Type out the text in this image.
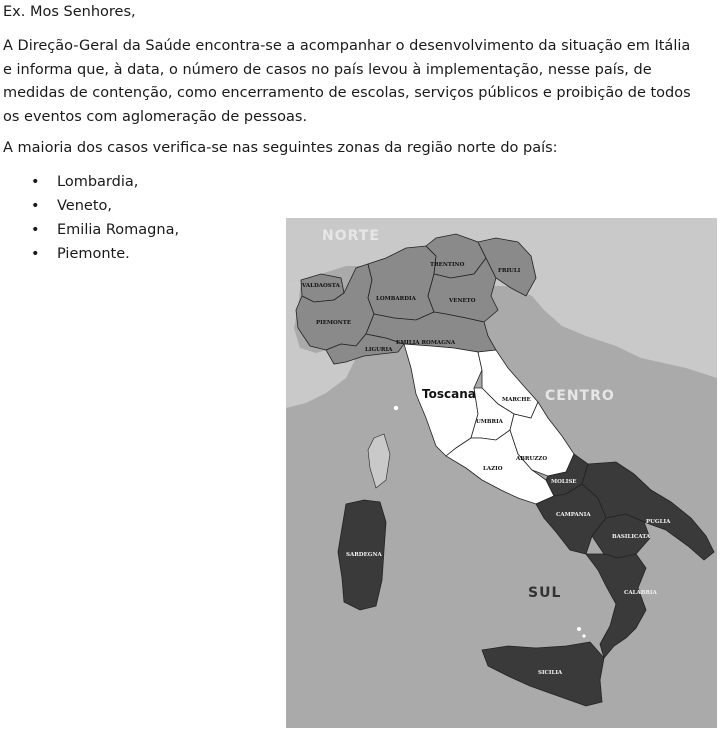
Ex. Mos Senhores,

A Direção-Geral da Saúde encontra-se a acompanhar o desenvolvimento da situação em Itália e informa que, à data, o número de casos no país levou à implementação, nesse país, de medidas de contenção, como encerramento de escolas, serviços públicos e proibição de todos os eventos com aglomeração de pessoas.

A maioria dos casos verifica-se nas seguintes zonas da região norte do país:

• Lombardia,
• Veneto,
• Emilia Romagna,
• Piemonte.
NORTE
CENTRO
SUL
VALDAOSTA
PIEMONTE
LOMBARDIA
TRENTINO
VENETO
FRIULI
LIGURIA
EMILIA ROMAGNA
Toscana	MARCHE
UMBRIA
LAZIO
ABRUZZO
MOLISE
CAMPANIA
PUGLIA
BASILICATA
CALABRIA
SICILIA
SARDEGNA
